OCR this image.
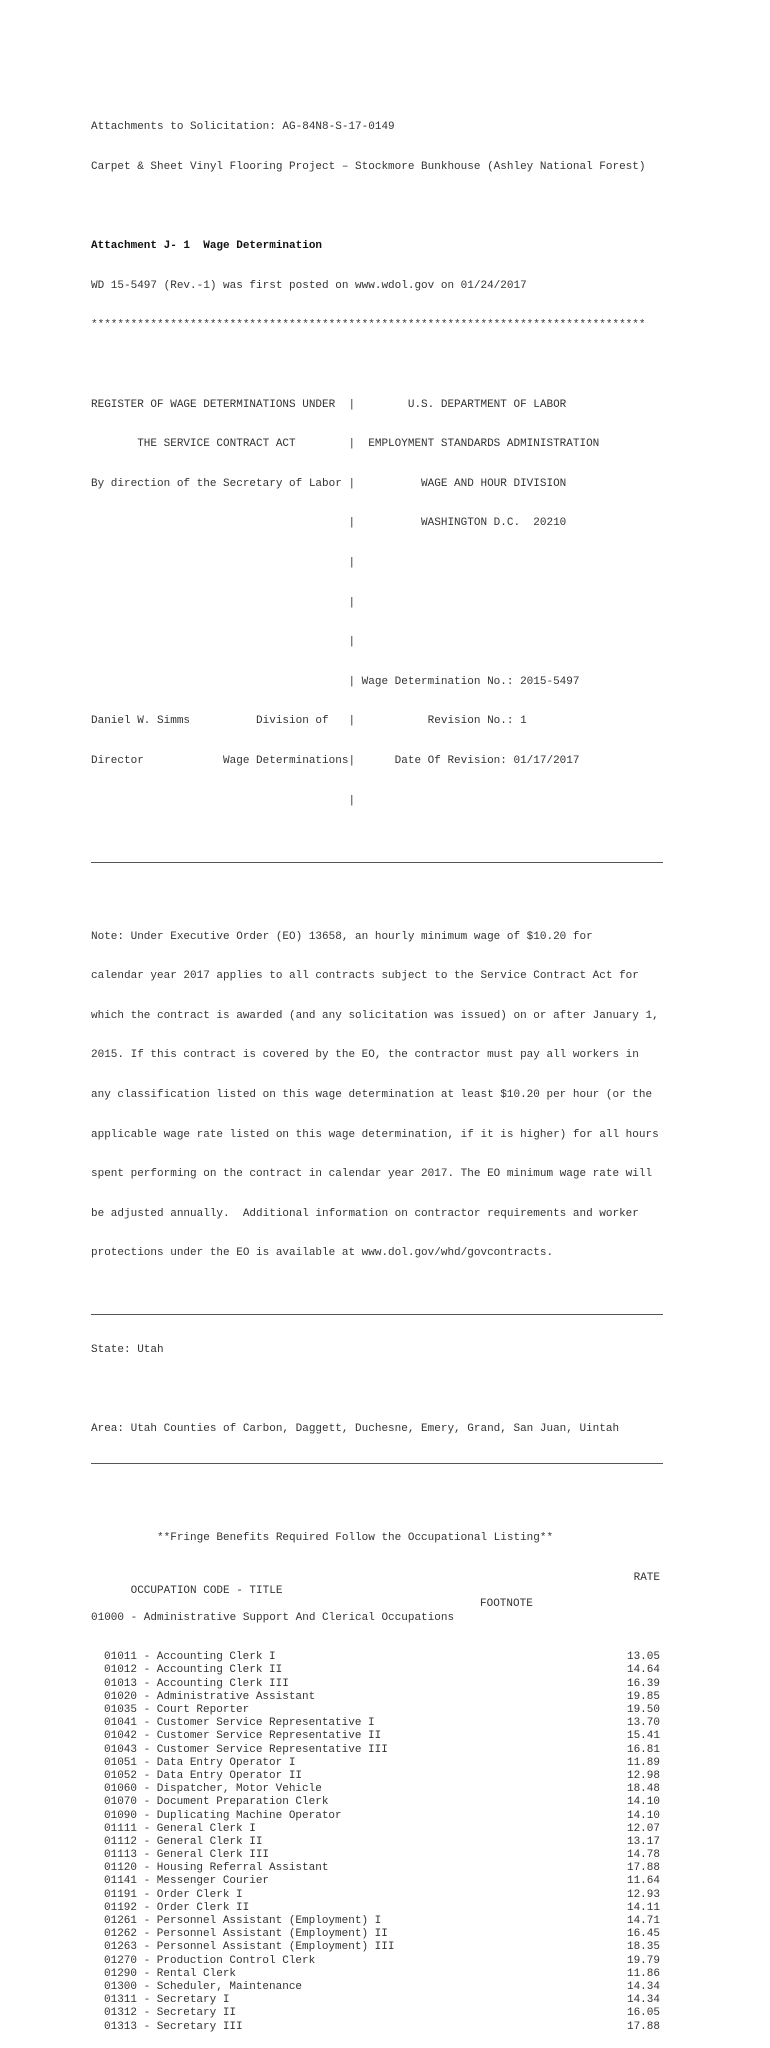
Attachments to Solicitation: AG-84N8-S-17-0149

Carpet & Sheet Vinyl Flooring Project – Stockmore Bunkhouse (Ashley National Forest)

Attachment J- 1  Wage Determination

WD 15-5497 (Rev.-1) was first posted on www.wdol.gov on 01/24/2017

************************************************************************************

REGISTER OF WAGE DETERMINATIONS UNDER  |        U.S. DEPARTMENT OF LABOR

THE SERVICE CONTRACT ACT        |  EMPLOYMENT STANDARDS ADMINISTRATION

By direction of the Secretary of Labor |          WAGE AND HOUR DIVISION

|          WASHINGTON D.C.  20210

|

|

|

| Wage Determination No.: 2015-5497

Daniel W. Simms          Division of   |           Revision No.: 1

Director            Wage Determinations|      Date Of Revision: 01/17/2017

|

Note: Under Executive Order (EO) 13658, an hourly minimum wage of $10.20 for

calendar year 2017 applies to all contracts subject to the Service Contract Act for

which the contract is awarded (and any solicitation was issued) on or after January 1,

2015. If this contract is covered by the EO, the contractor must pay all workers in

any classification listed on this wage determination at least $10.20 per hour (or the

applicable wage rate listed on this wage determination, if it is higher) for all hours

spent performing on the contract in calendar year 2017. The EO minimum wage rate will

be adjusted annually.  Additional information on contractor requirements and worker

protections under the EO is available at www.dol.gov/whd/govcontracts.

State: Utah

Area: Utah Counties of Carbon, Daggett, Duchesne, Emery, Grand, San Juan, Uintah

**Fringe Benefits Required Follow the Occupational Listing**

OCCUPATION CODE - TITLE

FOOTNOTE

RATE

01000 - Administrative Support And Clerical Occupations

01011 - Accounting Clerk I	13.05
01012 - Accounting Clerk II	14.64
01013 - Accounting Clerk III	16.39
01020 - Administrative Assistant	19.85
01035 - Court Reporter	19.50
01041 - Customer Service Representative I	13.70
01042 - Customer Service Representative II	15.41
01043 - Customer Service Representative III	16.81
01051 - Data Entry Operator I	11.89
01052 - Data Entry Operator II	12.98
01060 - Dispatcher, Motor Vehicle	18.48
01070 - Document Preparation Clerk	14.10
01090 - Duplicating Machine Operator	14.10
01111 - General Clerk I	12.07
01112 - General Clerk II	13.17
01113 - General Clerk III	14.78
01120 - Housing Referral Assistant	17.88
01141 - Messenger Courier	11.64
01191 - Order Clerk I	12.93
01192 - Order Clerk II	14.11
01261 - Personnel Assistant (Employment) I	14.71
01262 - Personnel Assistant (Employment) II	16.45
01263 - Personnel Assistant (Employment) III	18.35
01270 - Production Control Clerk	19.79
01290 - Rental Clerk	11.86
01300 - Scheduler, Maintenance	14.34
01311 - Secretary I	14.34
01312 - Secretary II	16.05
01313 - Secretary III	17.88
